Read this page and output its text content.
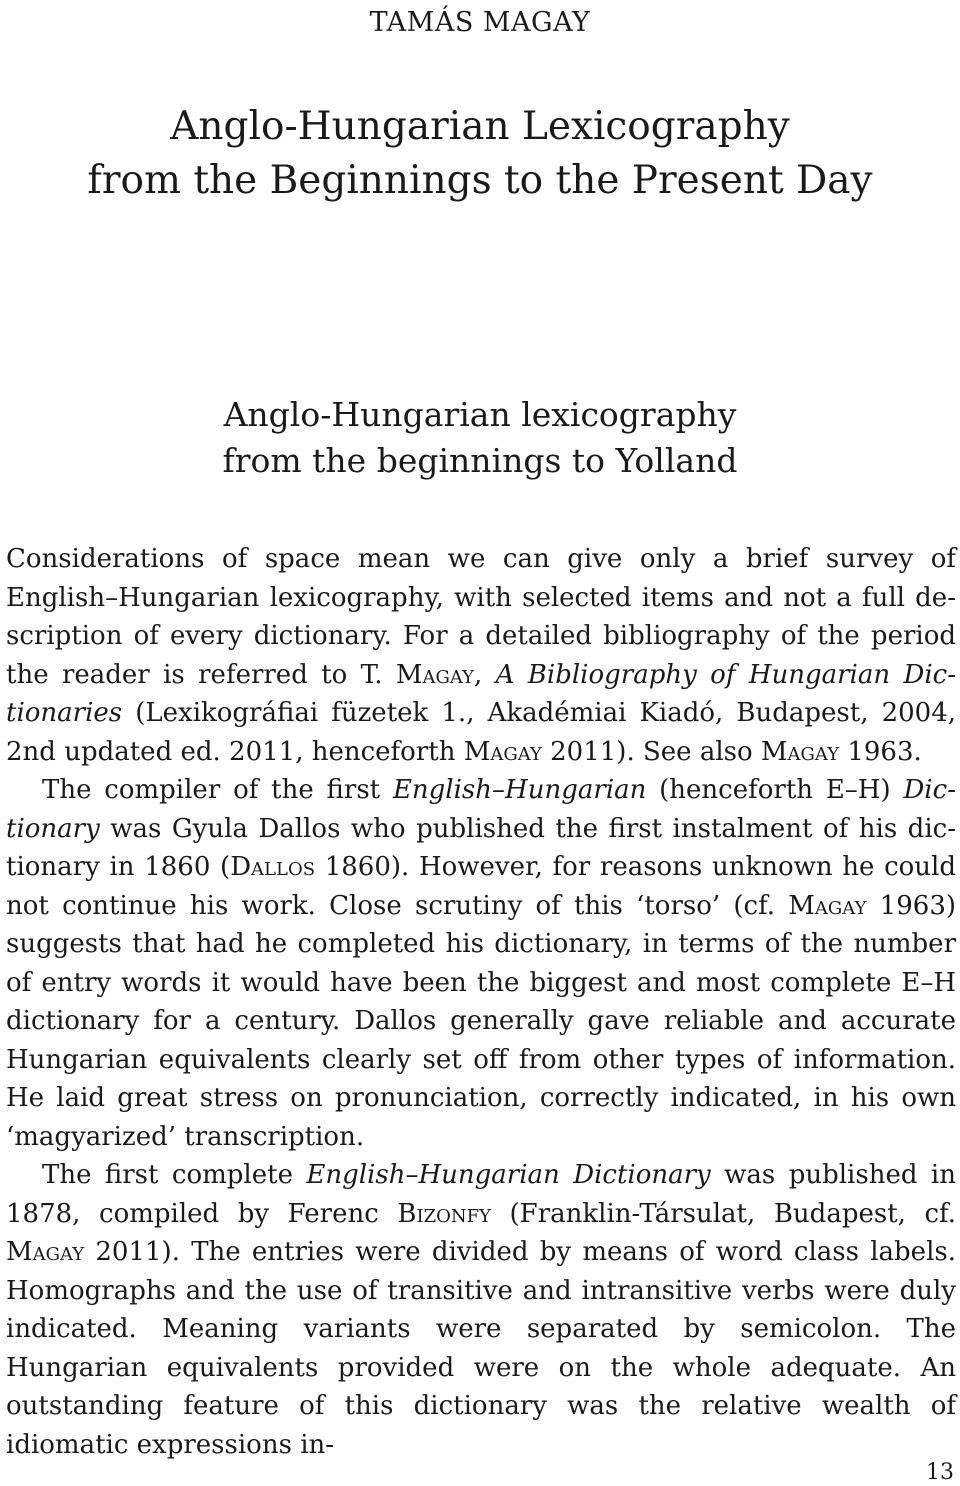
TAMÁS MAGAY
Anglo-Hungarian Lexicography
from the Beginnings to the Present Day
Anglo-Hungarian lexicography
from the beginnings to Yolland

Considerations of space mean we can give only a brief survey of English–Hungarian lexicography, with selected items and not a full description of every dictionary. For a detailed bibliography of the period the reader is referred to T. Magay, A Bibliography of Hungarian Dictionaries (Lexikográfiai füzetek 1., Akadémiai Kiadó, Budapest, 2004, 2nd updated ed. 2011, henceforth Magay 2011). See also Magay 1963.

The compiler of the first English–Hungarian (henceforth E–H) Dictionary was Gyula Dallos who published the first instalment of his dictionary in 1860 (Dallos 1860). However, for reasons unknown he could not continue his work. Close scrutiny of this ‘torso’ (cf. Magay 1963) suggests that had he completed his dictionary, in terms of the number of entry words it would have been the biggest and most complete E–H dictionary for a century. Dallos generally gave reliable and accurate Hungarian equivalents clearly set off from other types of information. He laid great stress on pronunciation, correctly indicated, in his own ‘magyarized’ transcription.

The first complete English–Hungarian Dictionary was published in 1878, compiled by Ferenc Bizonfy (Franklin-Társulat, Budapest, cf. Magay 2011). The entries were divided by means of word class labels. Homographs and the use of transitive and intransitive verbs were duly indicated. Meaning variants were separated by semicolon. The Hungarian equivalents provided were on the whole adequate. An outstanding feature of this dictionary was the relative wealth of idiomatic expressions in-

13
